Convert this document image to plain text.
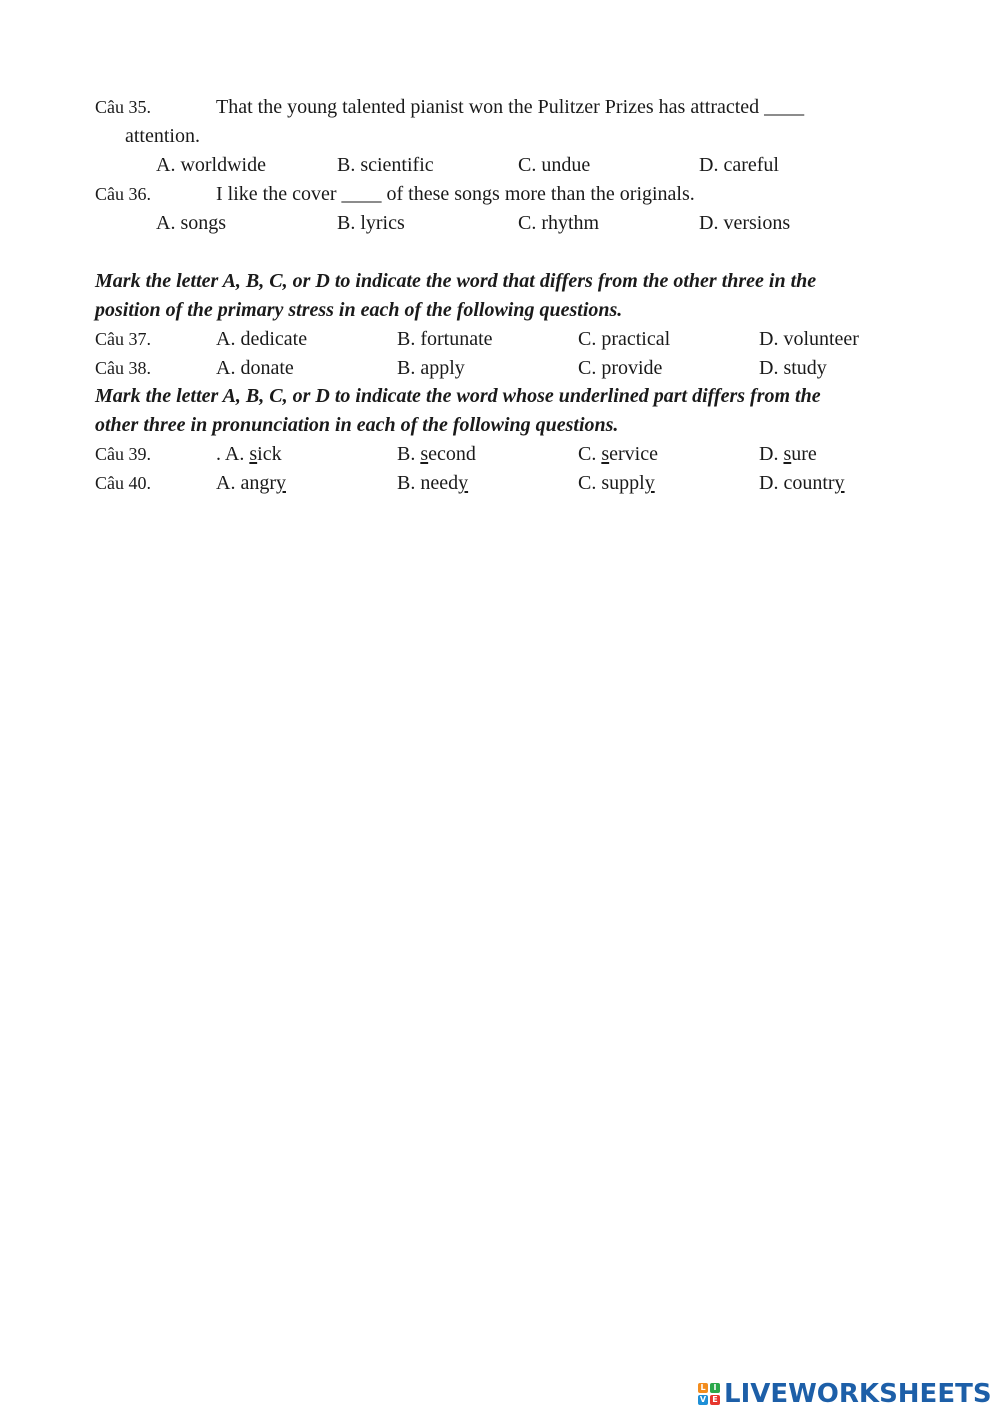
Câu 35.	That the young talented pianist won the Pulitzer Prizes has attracted ____
attention.
A. worldwide	B. scientific	C. undue	D. careful
Câu 36.	I like the cover ____ of these songs more than the originals.
A. songs	B. lyrics	C. rhythm	D. versions
Mark the letter A, B, C, or D to indicate the word that differs from the other three in the
position of the primary stress in each of the following questions.
Câu 37.	A. dedicate	B. fortunate	C. practical	D. volunteer
Câu 38.	A. donate	B. apply	C. provide	D. study
Mark the letter A, B, C, or D to indicate the word whose underlined part differs from the
other three in pronunciation in each of the following questions.
Câu 39.	. A. sick	B. second	C. service	D. sure
Câu 40.	A. angry	B. needy	C. supply	D. country
L I
V E LIVEWORKSHEETS
